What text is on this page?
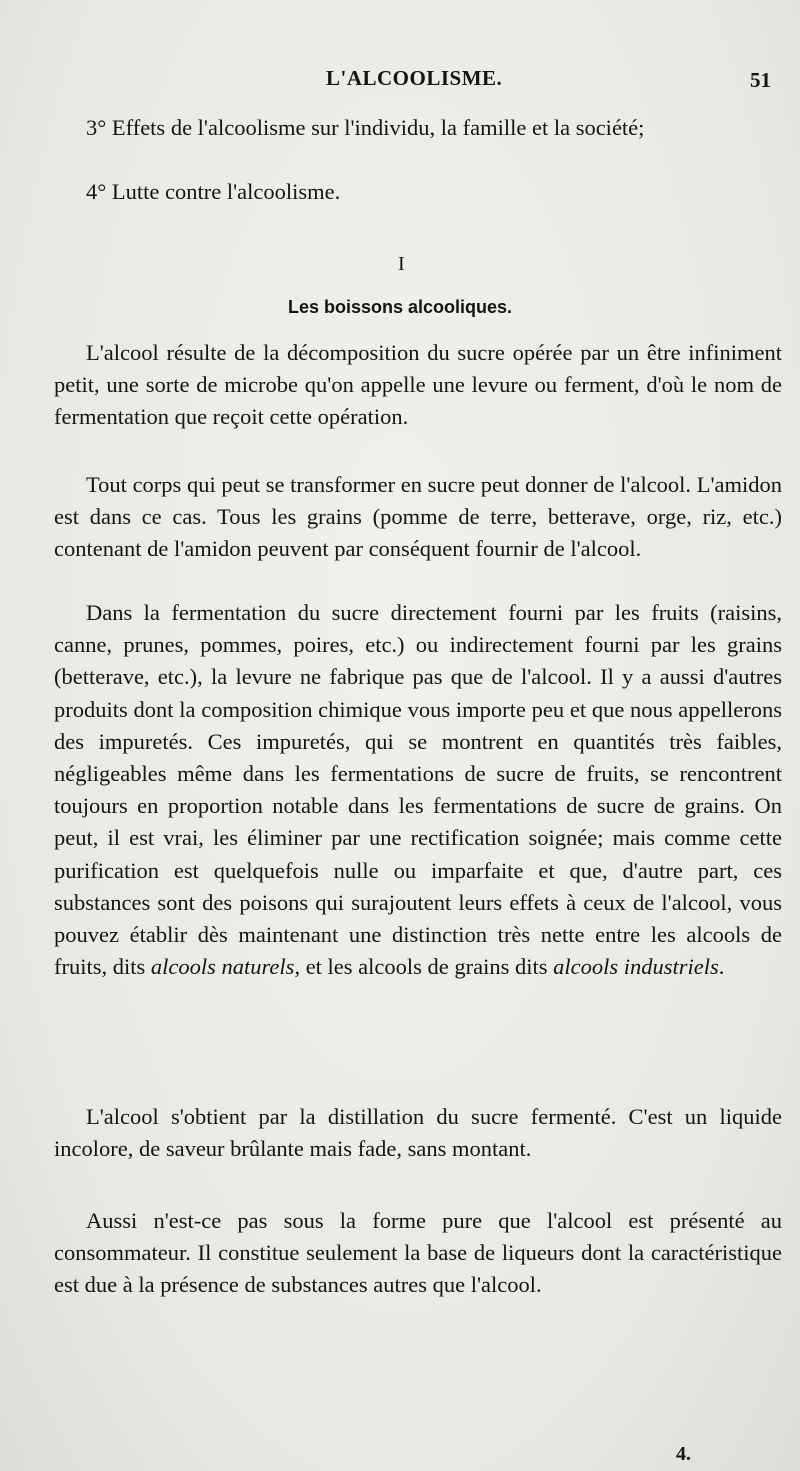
L'ALCOOLISME.	51

3° Effets de l'alcoolisme sur l'individu, la famille et la société;

4° Lutte contre l'alcoolisme.

I
Les boissons alcooliques.

L'alcool résulte de la décomposition du sucre opérée par un être infiniment petit, une sorte de microbe qu'on appelle une levure ou ferment, d'où le nom de fermentation que reçoit cette opération.

Tout corps qui peut se transformer en sucre peut donner de l'alcool. L'amidon est dans ce cas. Tous les grains (pomme de terre, betterave, orge, riz, etc.) contenant de l'amidon peuvent par conséquent fournir de l'alcool.

Dans la fermentation du sucre directement fourni par les fruits (raisins, canne, prunes, pommes, poires, etc.) ou indirectement fourni par les grains (betterave, etc.), la levure ne fabrique pas que de l'alcool. Il y a aussi d'autres produits dont la composition chimique vous importe peu et que nous appellerons des impuretés. Ces impuretés, qui se montrent en quantités très faibles, négligeables même dans les fermentations de sucre de fruits, se rencontrent toujours en proportion notable dans les fermentations de sucre de grains. On peut, il est vrai, les éliminer par une rectification soignée; mais comme cette purification est quelquefois nulle ou imparfaite et que, d'autre part, ces substances sont des poisons qui surajoutent leurs effets à ceux de l'alcool, vous pouvez établir dès maintenant une distinction très nette entre les alcools de fruits, dits alcools naturels, et les alcools de grains dits alcools industriels.

L'alcool s'obtient par la distillation du sucre fermenté. C'est un liquide incolore, de saveur brûlante mais fade, sans montant.

Aussi n'est-ce pas sous la forme pure que l'alcool est présenté au consommateur. Il constitue seulement la base de liqueurs dont la caractéristique est due à la présence de substances autres que l'alcool.

4.
